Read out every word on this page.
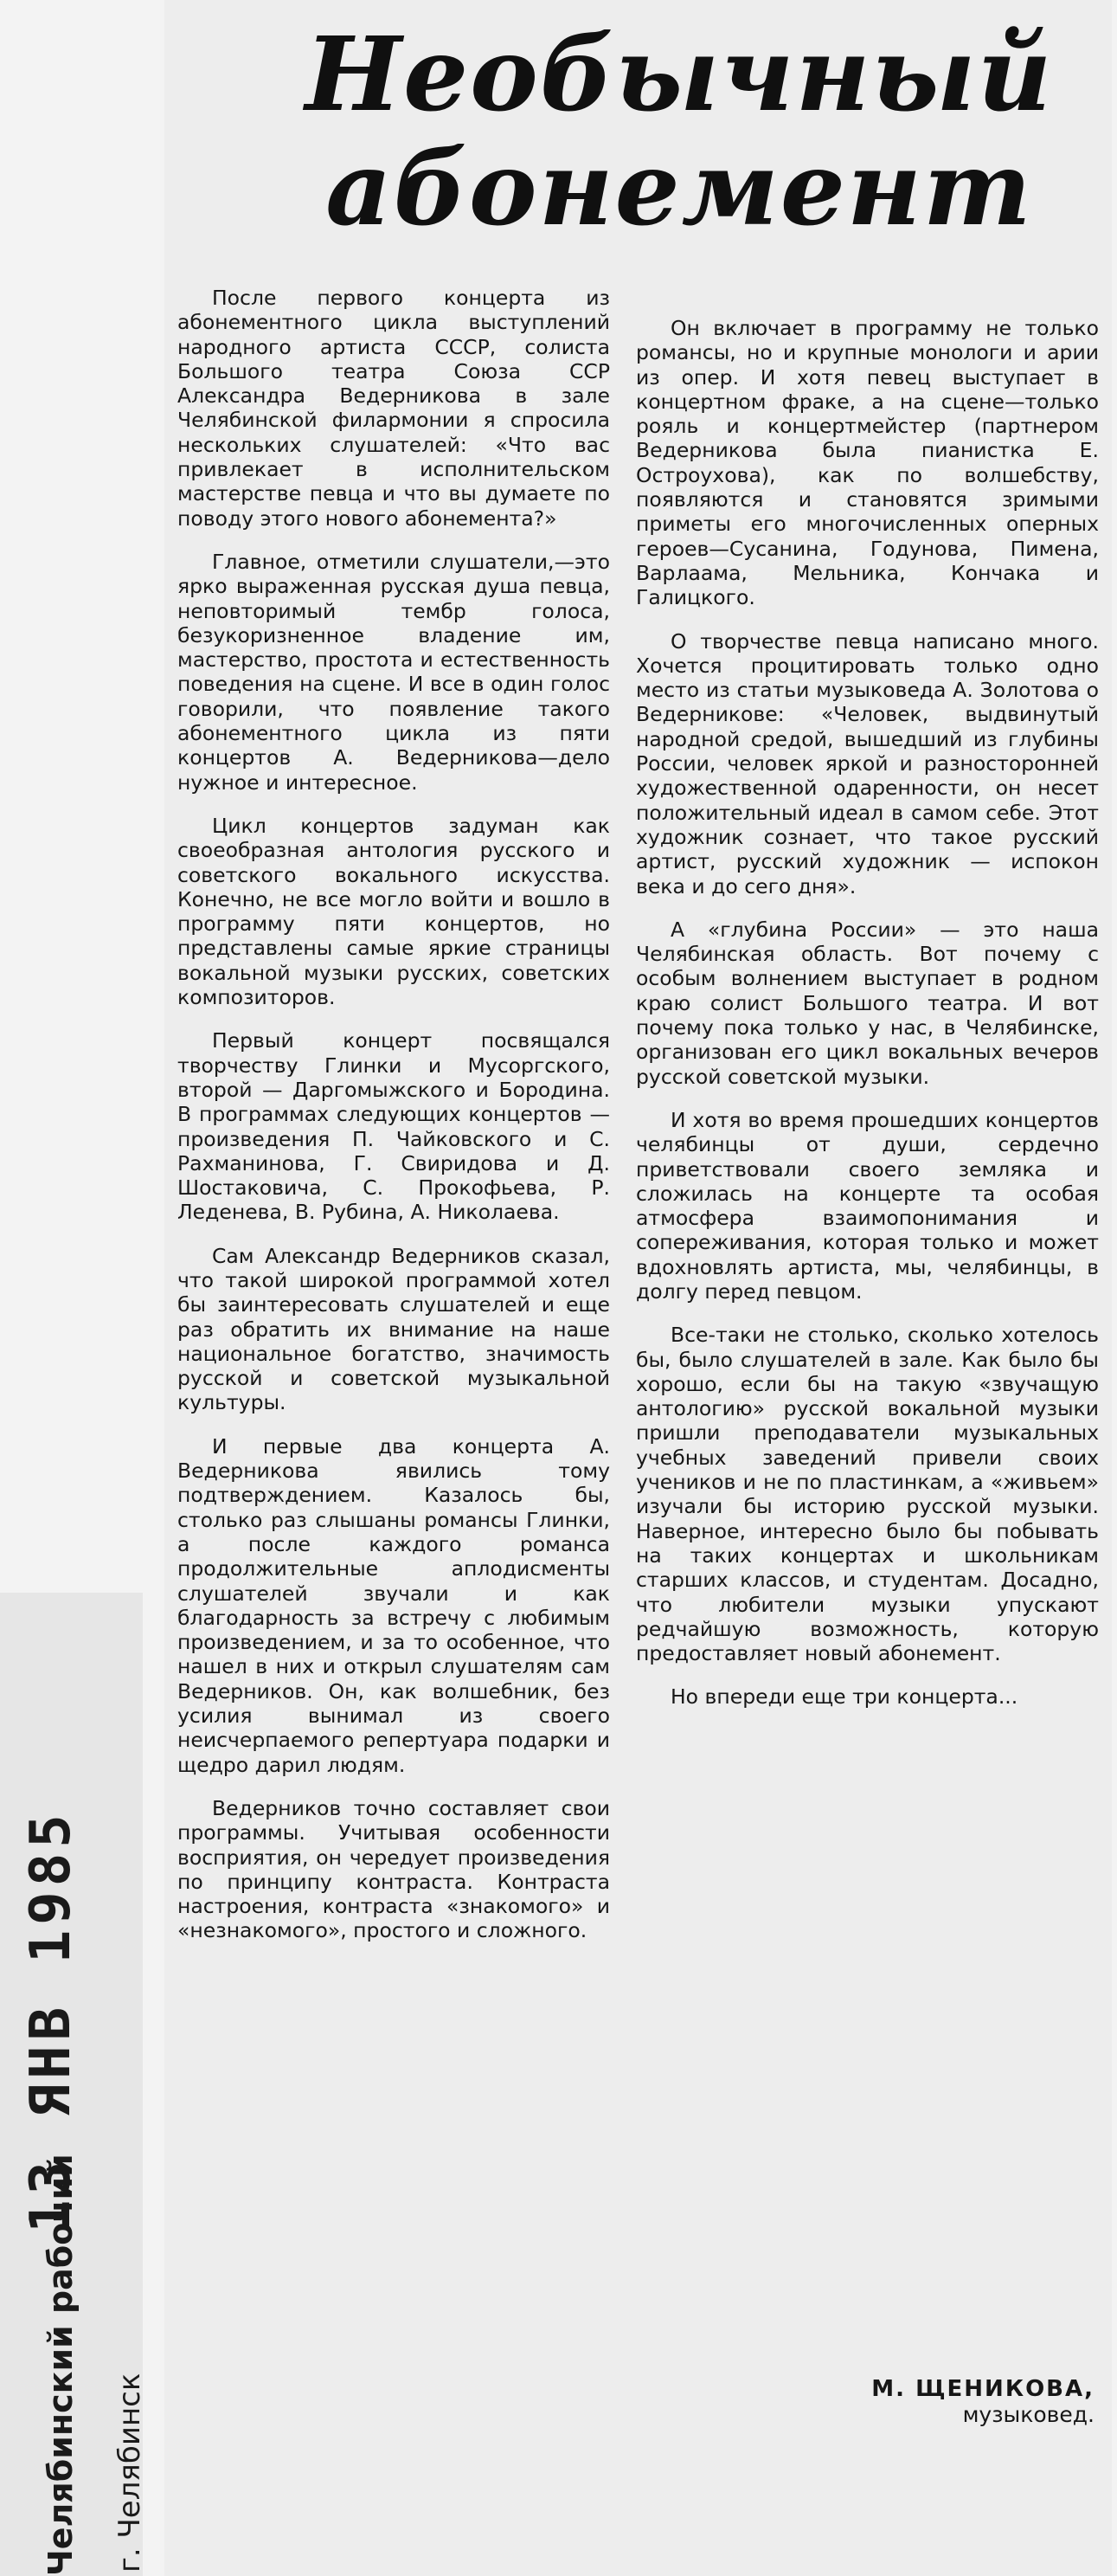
13 ЯНВ 1985
Челябинский рабочий г. Челябинск
Необычный
абонемент

После первого концерта из абонементного цикла выступлений народного артиста СССР, солиста Большого театра Союза ССР Александра Ведерникова в зале Челябинской филармонии я спросила нескольких слушателей: «Что вас привлекает в исполнительском мастерстве певца и что вы думаете по поводу этого нового абонемента?»

Главное, отметили слушатели,—это ярко выраженная русская душа певца, неповторимый тембр голоса, безукоризненное владение им, мастерство, простота и естественность поведения на сцене. И все в один голос говорили, что появление такого абонементного цикла из пяти концертов А. Ведерникова—дело нужное и интересное.

Цикл концертов задуман как своеобразная антология русского и советского вокального искусства. Конечно, не все могло войти и вошло в программу пяти концертов, но представлены самые яркие страницы вокальной музыки русских, советских композиторов.

Первый концерт посвящался творчеству Глинки и Мусоргского, второй — Даргомыжского и Бородина. В программах следующих концертов — произведения П. Чайковского и С. Рахманинова, Г. Свиридова и Д. Шостаковича, С. Прокофьева, Р. Леденева, В. Рубина, А. Николаева.

Сам Александр Ведерников сказал, что такой широкой программой хотел бы заинтересовать слушателей и еще раз обратить их внимание на наше национальное богатство, значимость русской и советской музыкальной культуры.

И первые два концерта А. Ведерникова явились тому подтверждением. Казалось бы, столько раз слышаны романсы Глинки, а после каждого романса продолжительные аплодисменты слушателей звучали и как благодарность за встречу с любимым произведением, и за то особенное, что нашел в них и открыл слушателям сам Ведерников. Он, как волшебник, без усилия вынимал из своего неисчерпаемого репертуара подарки и щедро дарил людям.

Ведерников точно составляет свои программы. Учитывая особенности восприятия, он чередует произведения по принципу контраста. Контраста настроения, контраста «знакомого» и «незнакомого», простого и сложного.

Он включает в программу не только романсы, но и крупные монологи и арии из опер. И хотя певец выступает в концертном фраке, а на сцене—только рояль и концертмейстер (партнером Ведерникова была пианистка Е. Остроухова), как по волшебству, появляются и становятся зримыми приметы его многочисленных оперных героев—Сусанина, Годунова, Пимена, Варлаама, Мельника, Кончака и Галицкого.

О творчестве певца написано много. Хочется процитировать только одно место из статьи музыковеда А. Золотова о Ведерникове: «Человек, выдвинутый народной средой, вышедший из глубины России, человек яркой и разносторонней художественной одаренности, он несет положительный идеал в самом себе. Этот художник сознает, что такое русский артист, русский художник — испокон века и до сего дня».

А «глубина России» — это наша Челябинская область. Вот почему с особым волнением выступает в родном краю солист Большого театра. И вот почему пока только у нас, в Челябинске, организован его цикл вокальных вечеров русской советской музыки.

И хотя во время прошедших концертов челябинцы от души, сердечно приветствовали своего земляка и сложилась на концерте та особая атмосфера взаимопонимания и сопереживания, которая только и может вдохновлять артиста, мы, челябинцы, в долгу перед певцом.

Все-таки не столько, сколько хотелось бы, было слушателей в зале. Как было бы хорошо, если бы на такую «звучащую антологию» русской вокальной музыки пришли преподаватели музыкальных учебных заведений привели своих учеников и не по пластинкам, а «живьем» изучали бы историю русской музыки. Наверное, интересно было бы побывать на таких концертах и школьникам старших классов, и студентам. Досадно, что любители музыки упускают редчайшую возможность, которую предоставляет новый абонемент.

Но впереди еще три концерта...

М. ЩЕНИКОВА,
музыковед.
